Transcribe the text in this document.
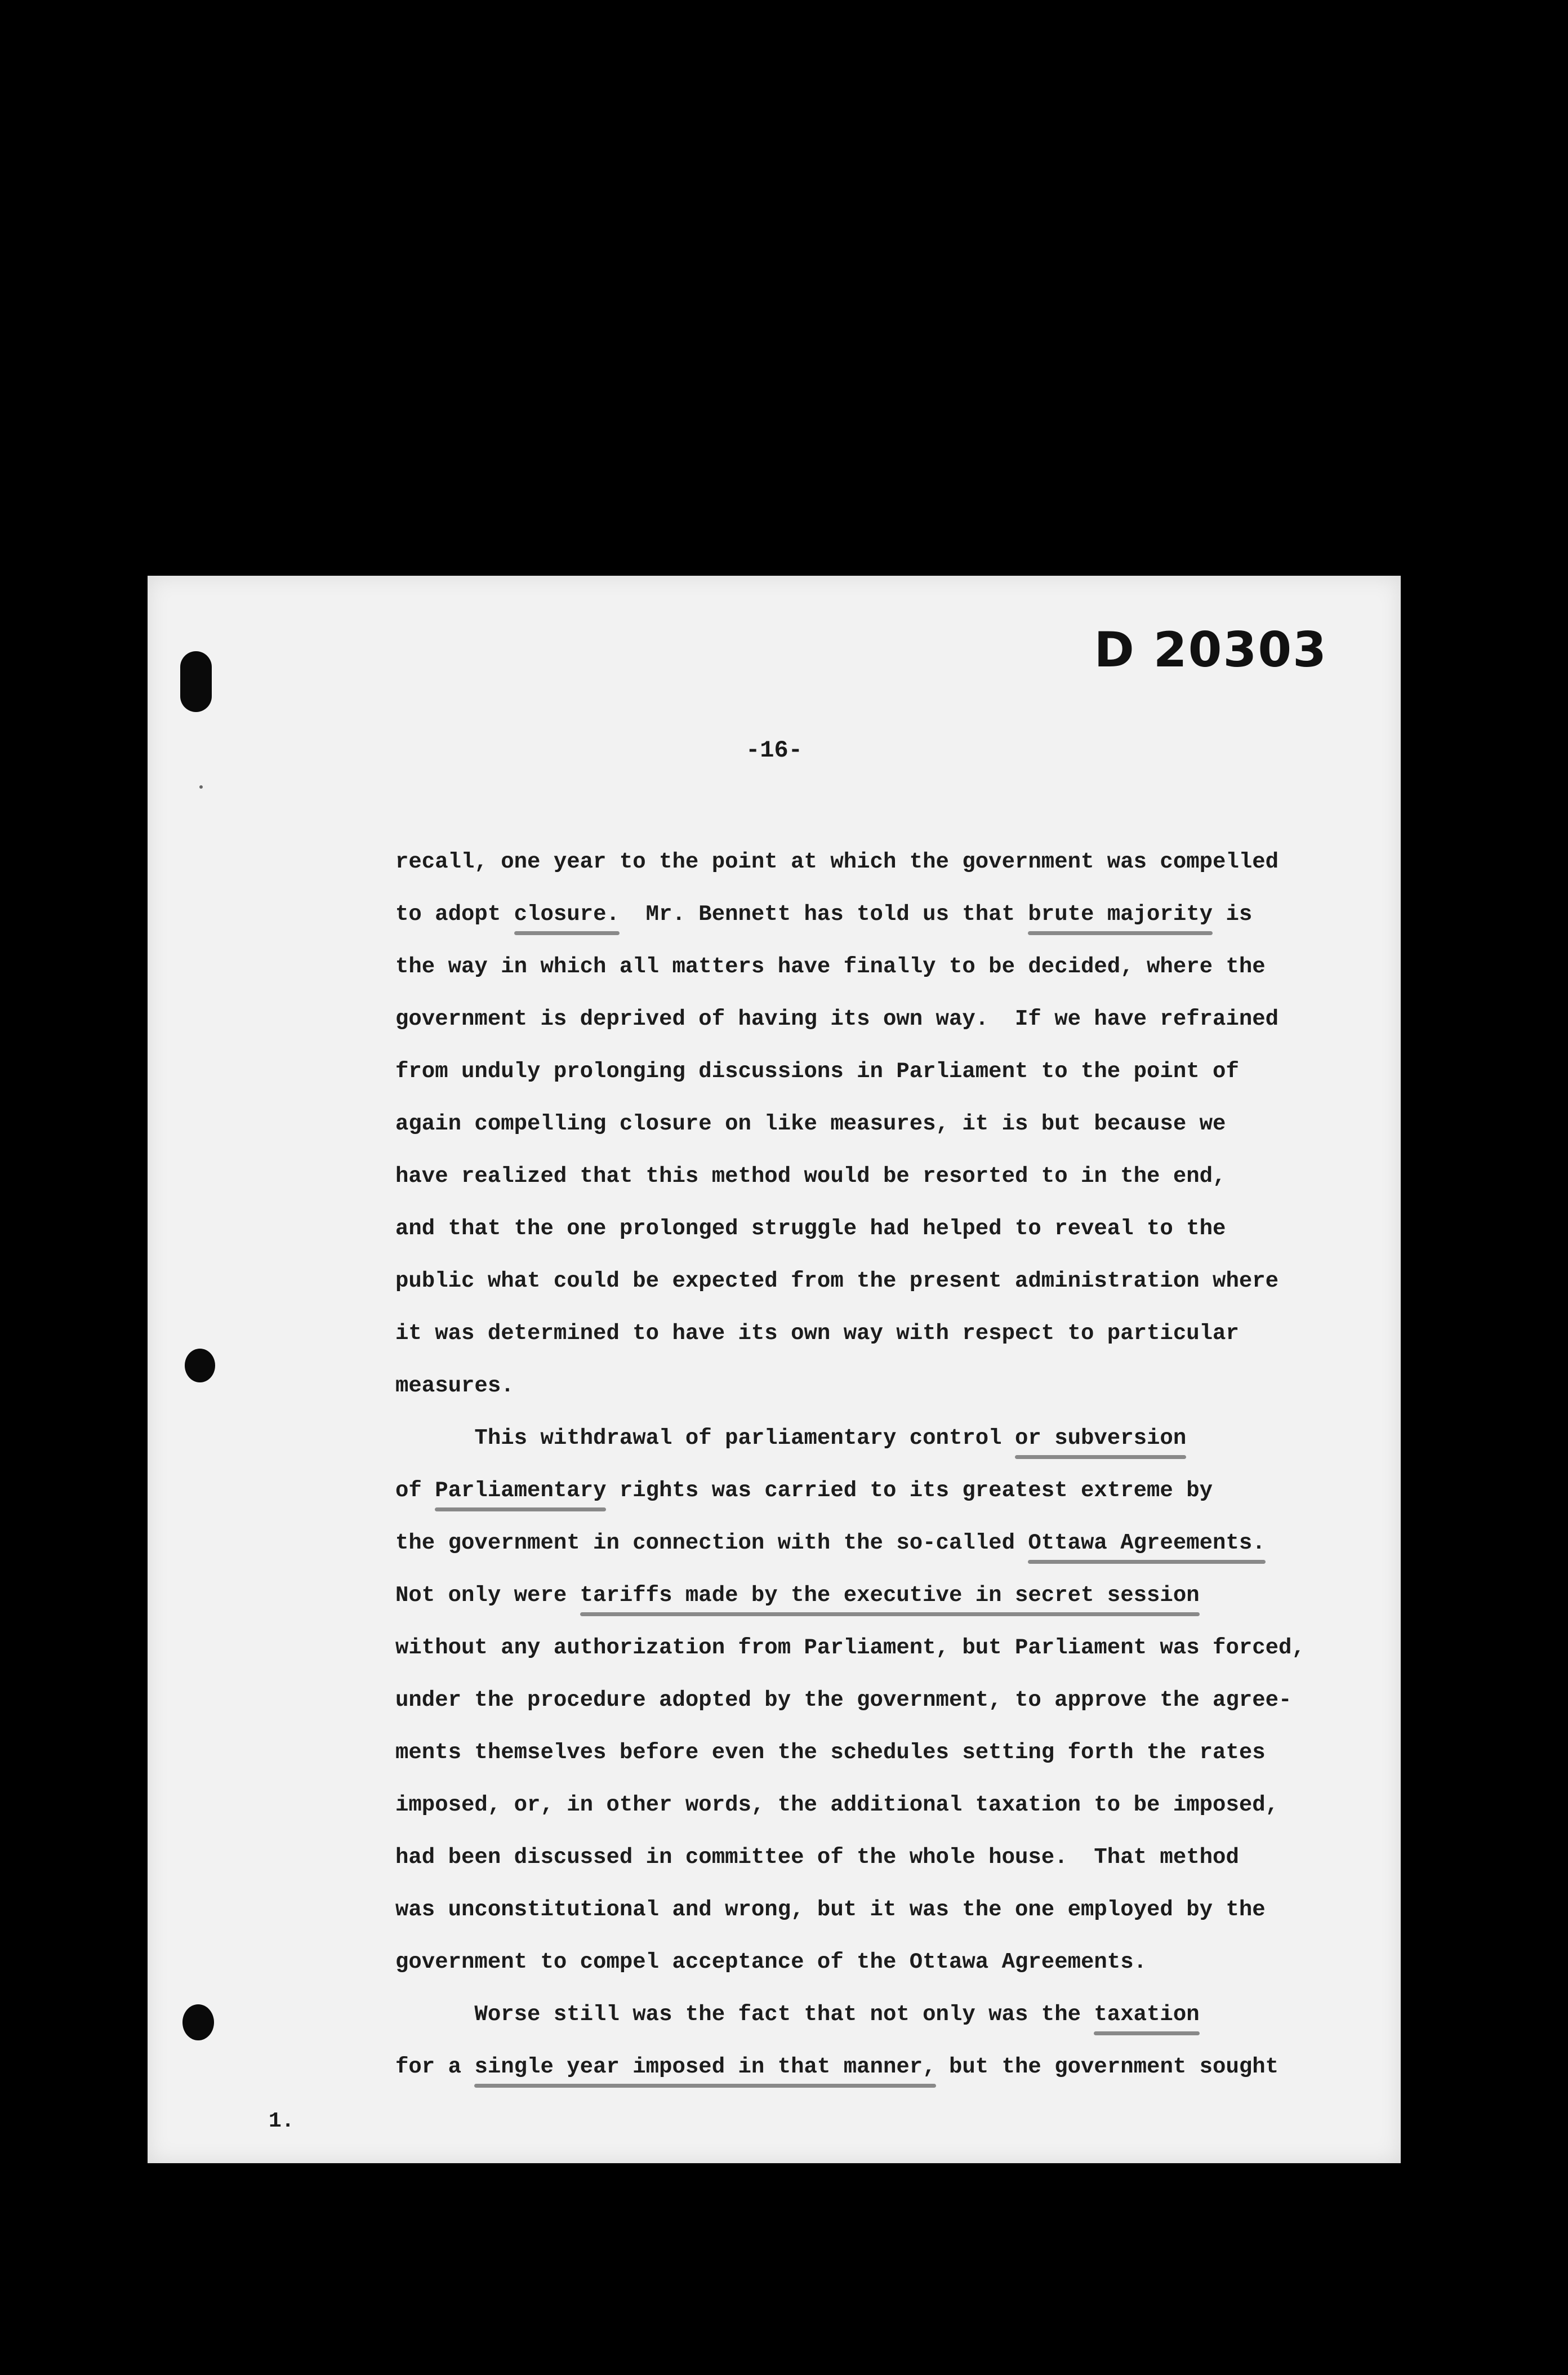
D 20303
-16-
recall, one year to the point at which the government was compelled
to adopt closure.  Mr. Bennett has told us that brute majority is
the way in which all matters have finally to be decided, where the
government is deprived of having its own way.  If we have refrained
from unduly prolonging discussions in Parliament to the point of
again compelling closure on like measures, it is but because we
have realized that this method would be resorted to in the end,
and that the one prolonged struggle had helped to reveal to the
public what could be expected from the present administration where
it was determined to have its own way with respect to particular
measures.
This withdrawal of parliamentary control or subversion
of Parliamentary rights was carried to its greatest extreme by
the government in connection with the so-called Ottawa Agreements.
Not only were tariffs made by the executive in secret session
without any authorization from Parliament, but Parliament was forced,
under the procedure adopted by the government, to approve the agree-
ments themselves before even the schedules setting forth the rates
imposed, or, in other words, the additional taxation to be imposed,
had been discussed in committee of the whole house.  That method
was unconstitutional and wrong, but it was the one employed by the
government to compel acceptance of the Ottawa Agreements.
Worse still was the fact that not only was the taxation
for a single year imposed in that manner, but the government sought
1.
